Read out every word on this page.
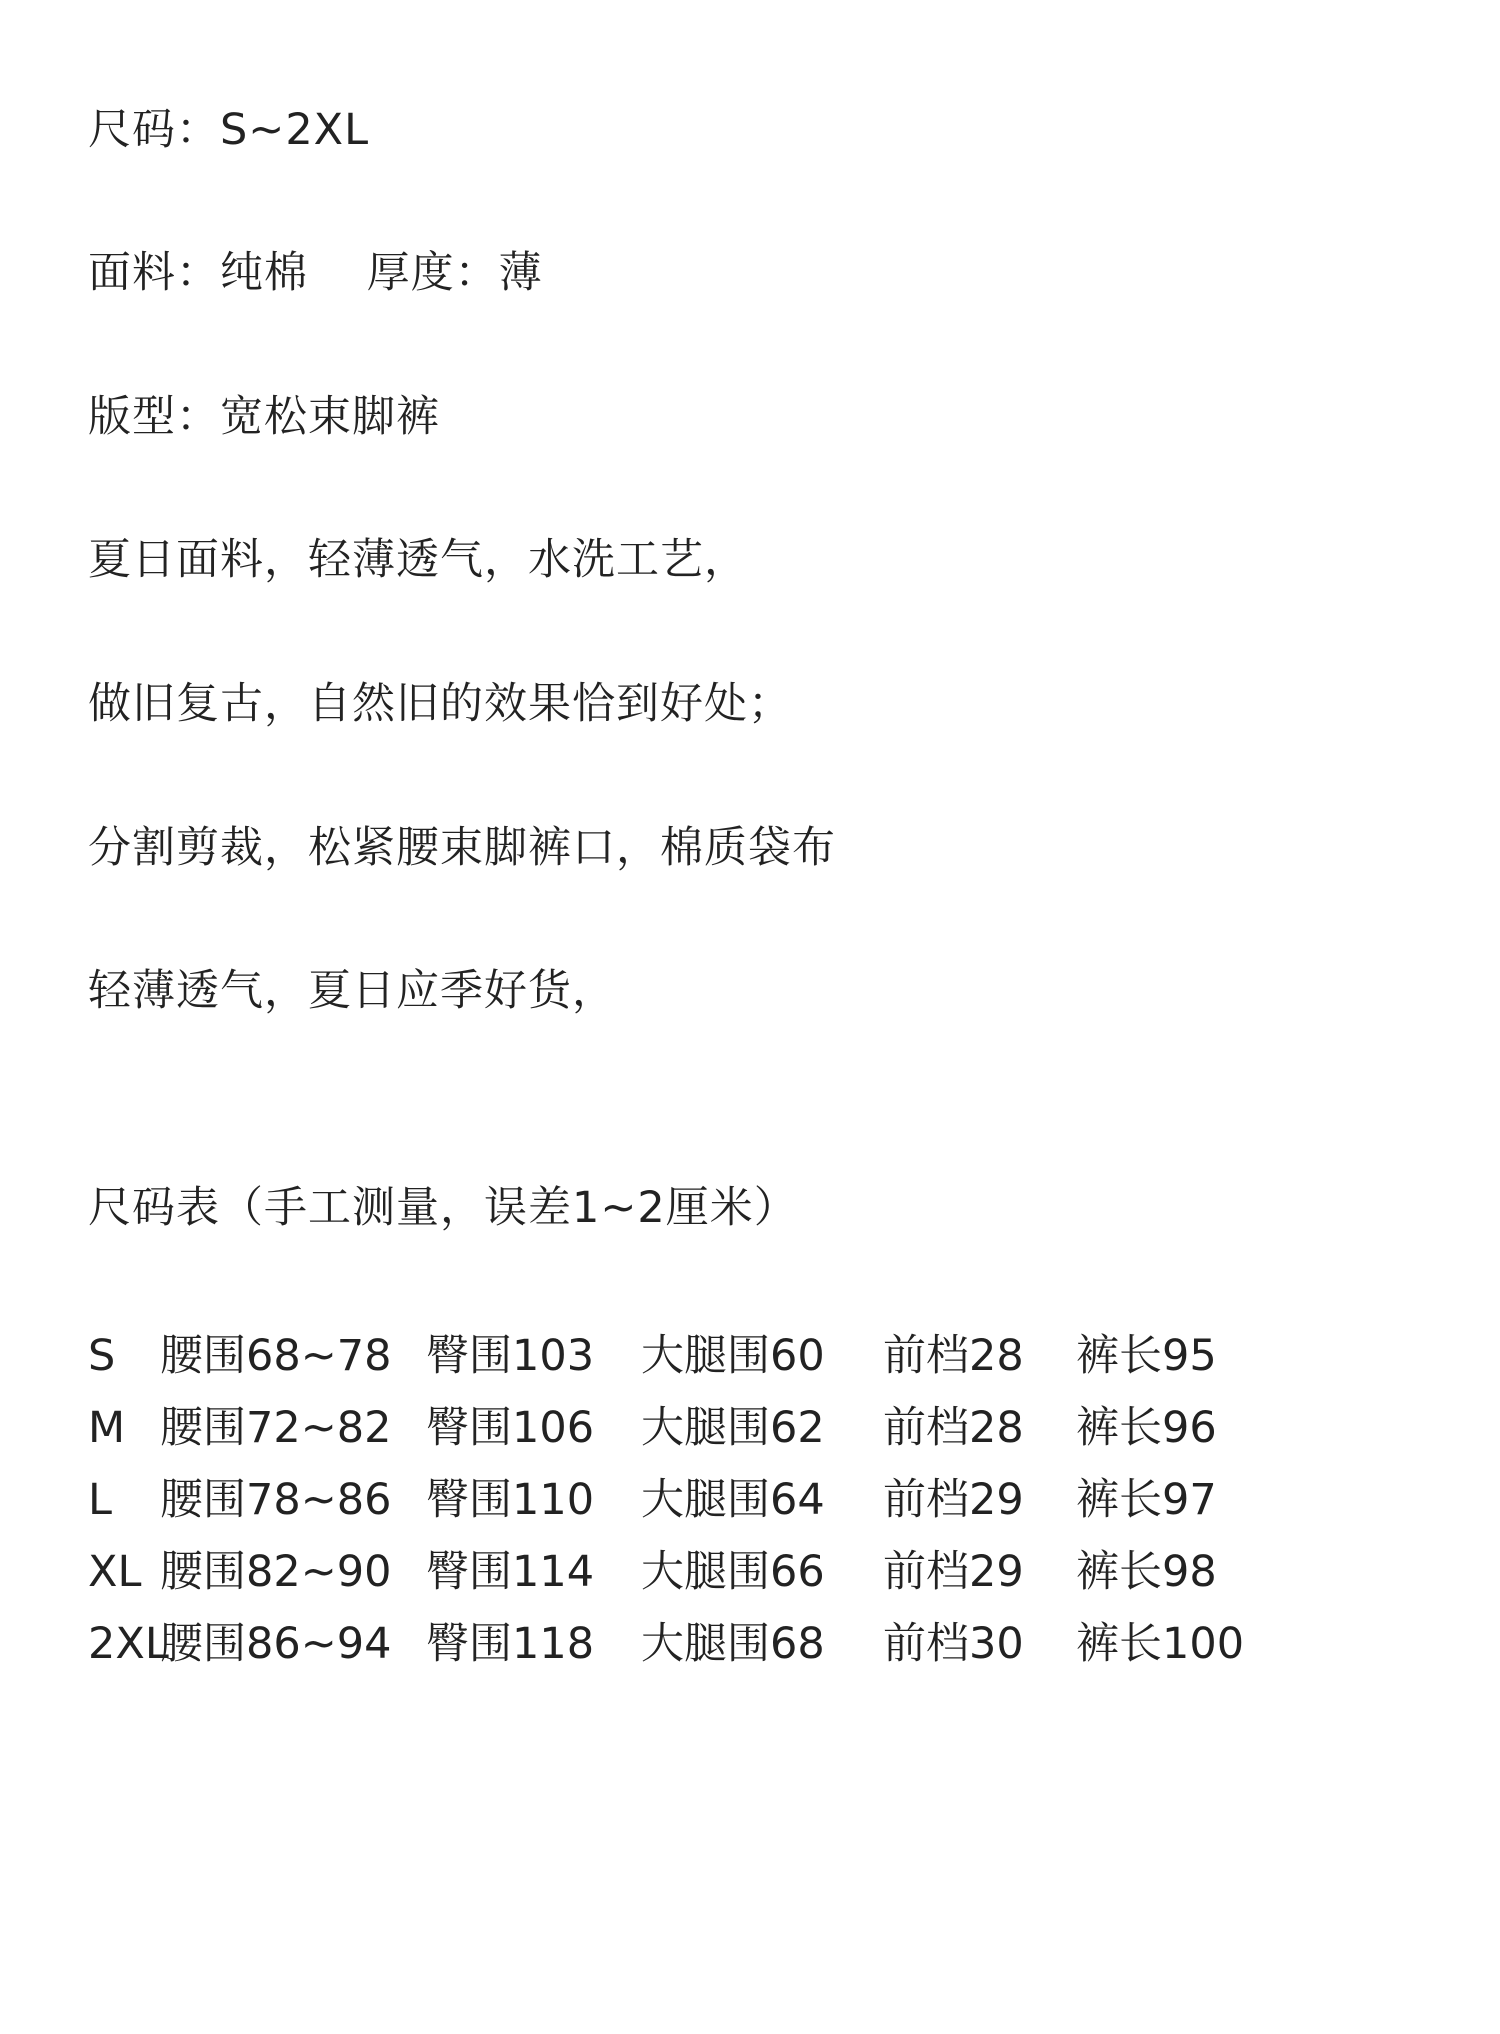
尺码：S~2XL
面料：纯棉    厚度：薄
版型：宽松束脚裤
夏日面料，轻薄透气，水洗工艺，
做旧复古，自然旧的效果恰到好处；
分割剪裁，松紧腰束脚裤口，棉质袋布
轻薄透气，夏日应季好货，
尺码表（手工测量，误差1~2厘米）

S

腰围68~78

臀围103

大腿围60

前档28

裤长95

M

腰围72~82

臀围106

大腿围62

前档28

裤长96

L

腰围78~86

臀围110

大腿围64

前档29

裤长97

XL

腰围82~90

臀围114

大腿围66

前档29

裤长98

2XL

腰围86~94

臀围118

大腿围68

前档30

裤长100
